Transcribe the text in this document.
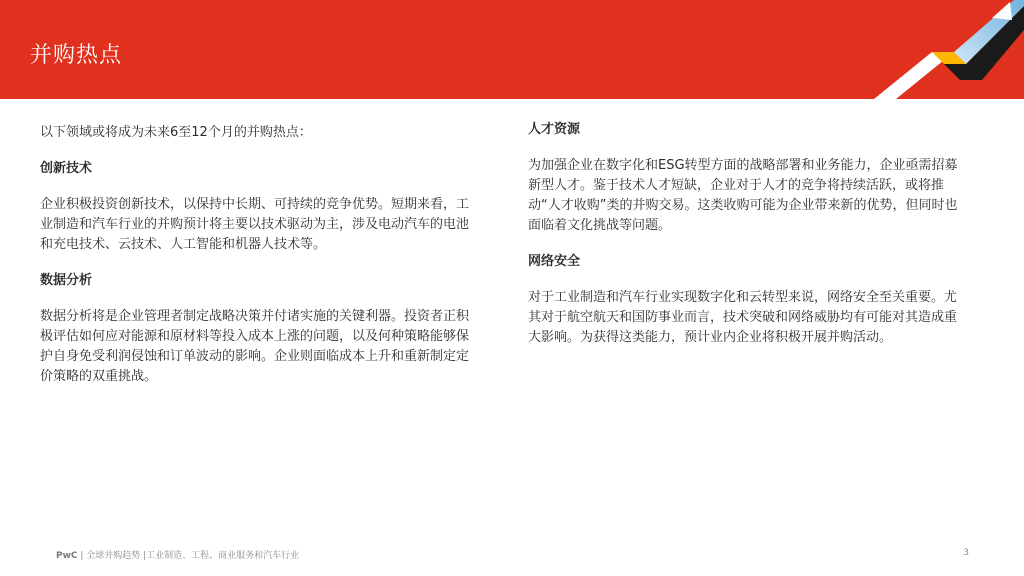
并购热点

以下领域或将成为未来6至12个月的并购热点：

创新技术

企业积极投资创新技术，以保持中长期、可持续的竞争优势。短期来看，工业制造和汽车行业的并购预计将主要以技术驱动为主，涉及电动汽车的电池和充电技术、云技术、人工智能和机器人技术等。

数据分析

数据分析将是企业管理者制定战略决策并付诸实施的关键利器。投资者正积极评估如何应对能源和原材料等投入成本上涨的问题，以及何种策略能够保护自身免受利润侵蚀和订单波动的影响。企业则面临成本上升和重新制定定价策略的双重挑战。

人才资源

为加强企业在数字化和ESG转型方面的战略部署和业务能力，企业亟需招募新型人才。鉴于技术人才短缺，企业对于人才的竞争将持续活跃，或将推动“人才收购”类的并购交易。这类收购可能为企业带来新的优势，但同时也面临着文化挑战等问题。

网络安全

对于工业制造和汽车行业实现数字化和云转型来说，网络安全至关重要。尤其对于航空航天和国防事业而言，技术突破和网络威胁均有可能对其造成重大影响。为获得这类能力，预计业内企业将积极开展并购活动。

PwC | 全球并购趋势 |工业制造、工程、商业服务和汽车行业	3
